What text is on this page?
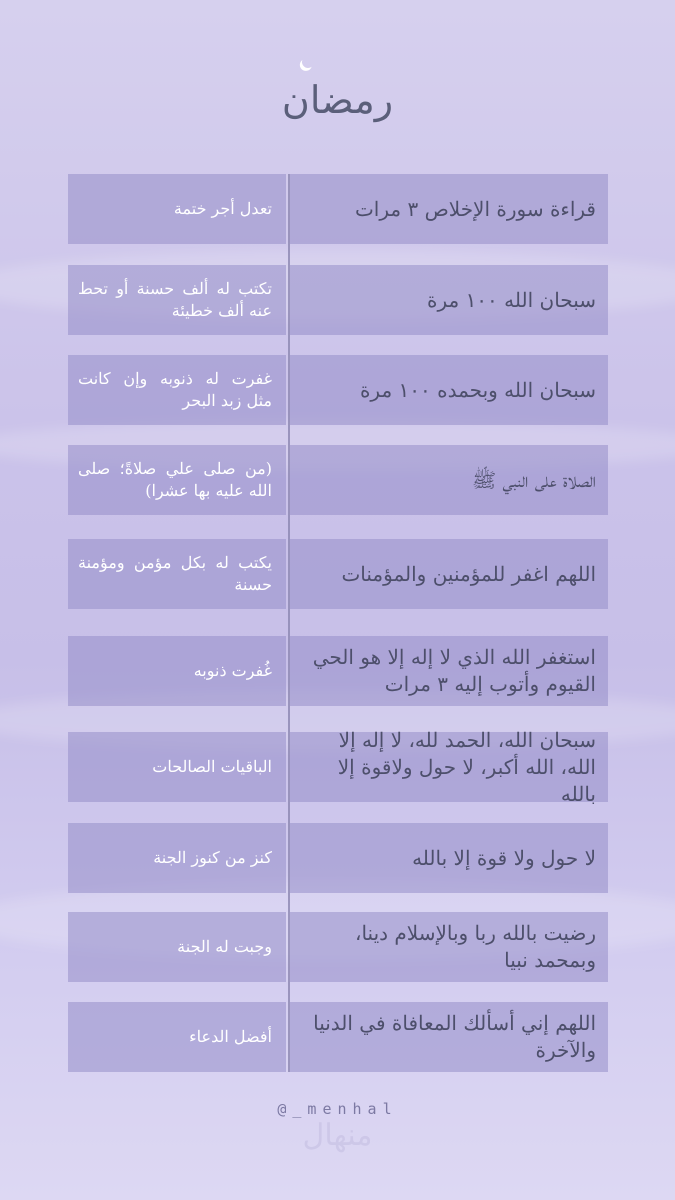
رمضان
قراءة سورة الإخلاص ٣ مرات
تعدل أجر ختمة
سبحان الله ١٠٠ مرة
تكتب له ألف حسنة أو تحط عنه ألف خطيئة
سبحان الله وبحمده ١٠٠ مرة
غفرت له ذنوبه وإن كانت مثل زبد البحر
الصلاة على النبي ﷺ
(من صلى علي صلاةً؛ صلى الله عليه بها عشرا)
اللهم اغفر للمؤمنين والمؤمنات
يكتب له بكل مؤمن ومؤمنة حسنة
استغفر الله الذي لا إله إلا هو الحي القيوم وأتوب إليه ٣ مرات
غُفرت ذنوبه
سبحان الله، الحمد لله، لا إله إلا الله، الله أكبر، لا حول ولاقوة إلا بالله
الباقيات الصالحات
لا حول ولا قوة إلا بالله
كنز من كنوز الجنة
رضيت بالله ربا وبالإسلام دينا، وبمحمد نبيا
وجبت له الجنة
اللهم إني أسألك المعافاة في الدنيا والآخرة
أفضل الدعاء
@_menhal
منهال
